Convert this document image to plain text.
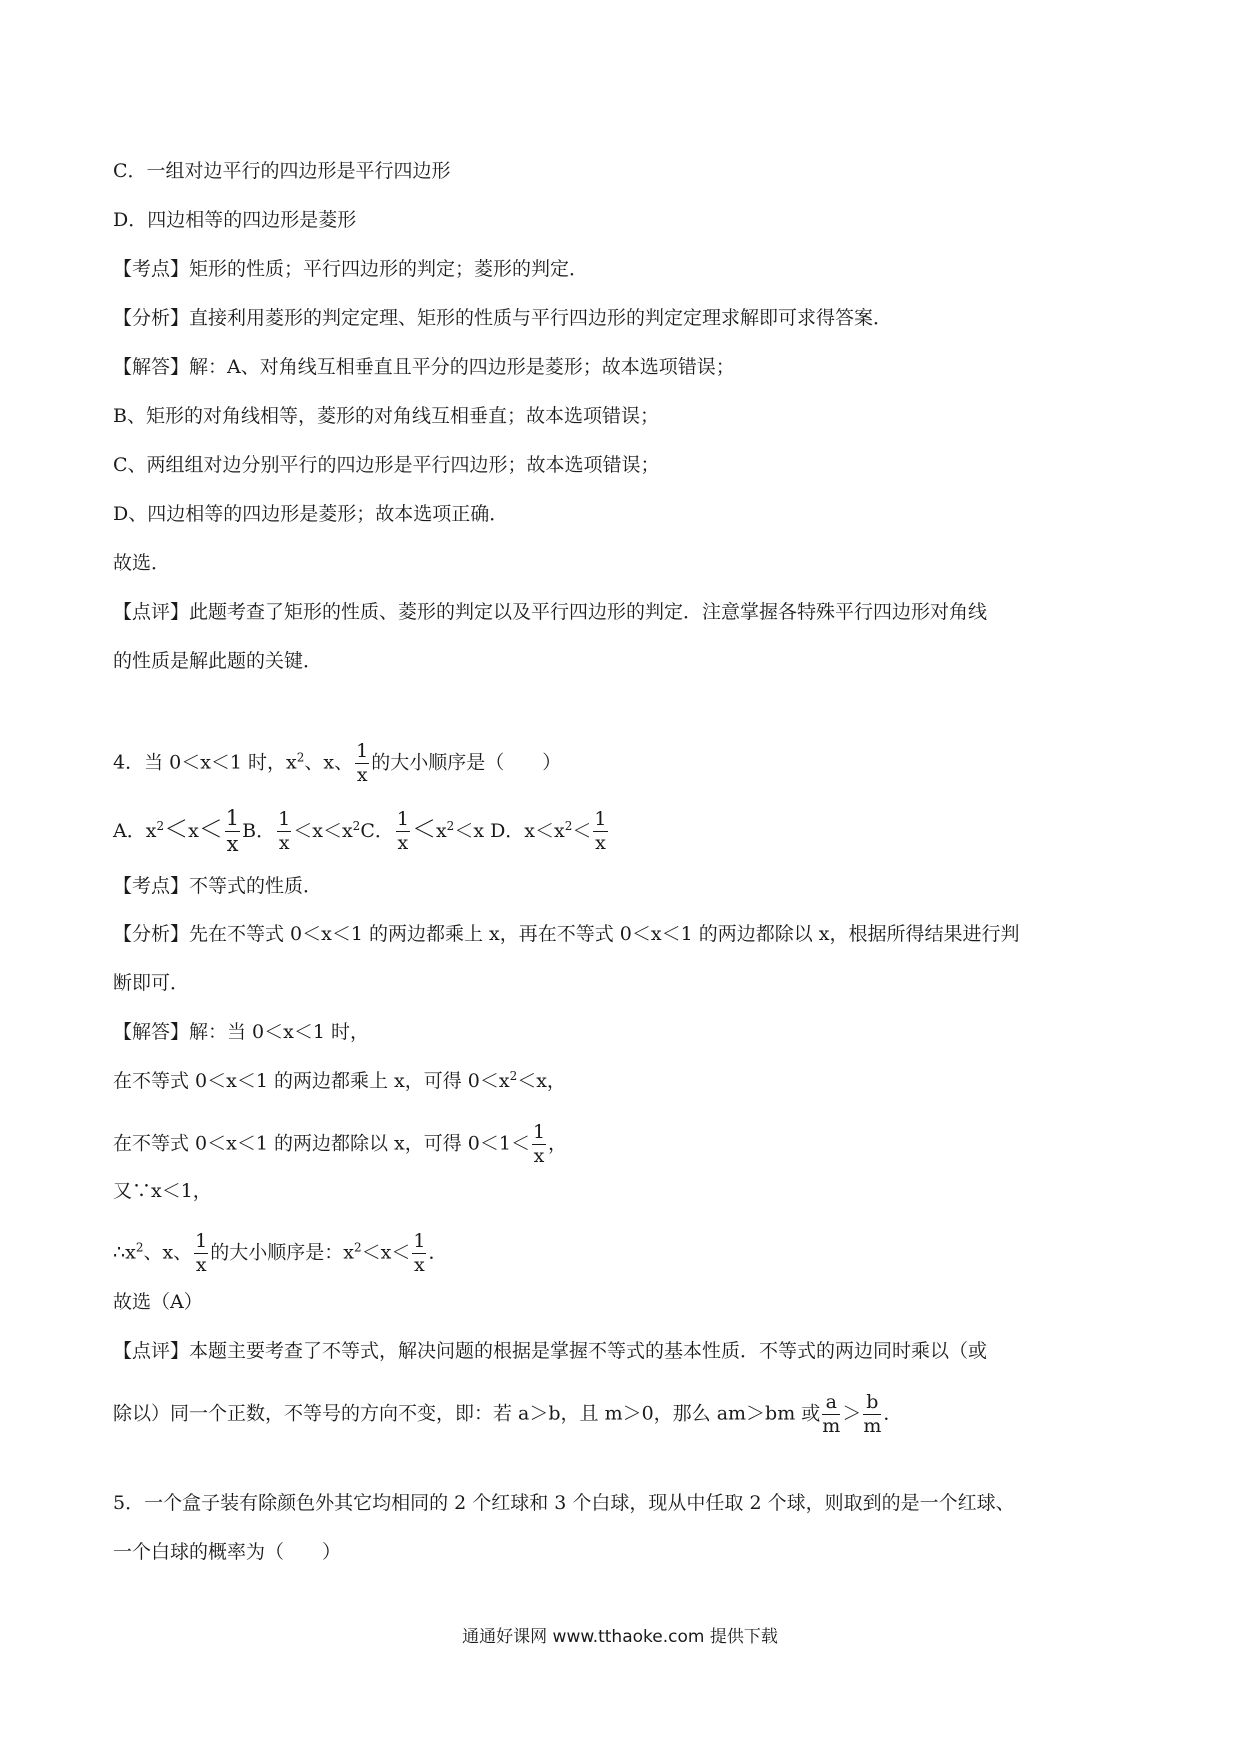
C．一组对边平行的四边形是平行四边形
D．四边相等的四边形是菱形
【考点】矩形的性质；平行四边形的判定；菱形的判定．
【分析】直接利用菱形的判定定理、矩形的性质与平行四边形的判定定理求解即可求得答案．
【解答】解：A、对角线互相垂直且平分的四边形是菱形；故本选项错误；
B、矩形的对角线相等，菱形的对角线互相垂直；故本选项错误；
C、两组组对边分别平行的四边形是平行四边形；故本选项错误；
D、四边相等的四边形是菱形；故本选项正确．
故选．
【点评】此题考查了矩形的性质、菱形的判定以及平行四边形的判定．注意掌握各特殊平行四边形对角线
的性质是解此题的关键．
4．当 0＜x＜1 时，$x^2$、x、 $\frac{1}{x}$ 的大小顺序是（　　）
A．$x^2<x< \frac{1}{x}$ B． $\frac{1}{x} <x<x^2C$． $\frac{1}{x} <x^2<x$ D．$x<x^2< \frac{1}{x}$
【考点】不等式的性质．
【分析】先在不等式 0＜x＜1 的两边都乘上 x，再在不等式 0＜x＜1 的两边都除以 x，根据所得结果进行判
断即可．
【解答】解：当 0＜x＜1 时，
在不等式 0＜x＜1 的两边都乘上 x，可得 $0<x^2<x$，
在不等式 0＜x＜1 的两边都除以 x，可得 $0<1< \frac{1}{x}$ ，
又∵x＜1，
$\therefore x^2$、x、 $\frac{1}{x}$ 的大小顺序是：$x^2<x< \frac{1}{x}$ ．
故选（A）
【点评】本题主要考查了不等式，解决问题的根据是掌握不等式的基本性质．不等式的两边同时乘以（或
除以）同一个正数，不等号的方向不变，即：若 a＞b，且 m＞0，那么 am＞bm 或 $\frac{a}{m} > \frac{b}{m}$ ．
5．一个盒子装有除颜色外其它均相同的 2 个红球和 3 个白球，现从中任取 2 个球，则取到的是一个红球、
一个白球的概率为（　　）
通通好课网 www.tthaoke.com 提供下载
